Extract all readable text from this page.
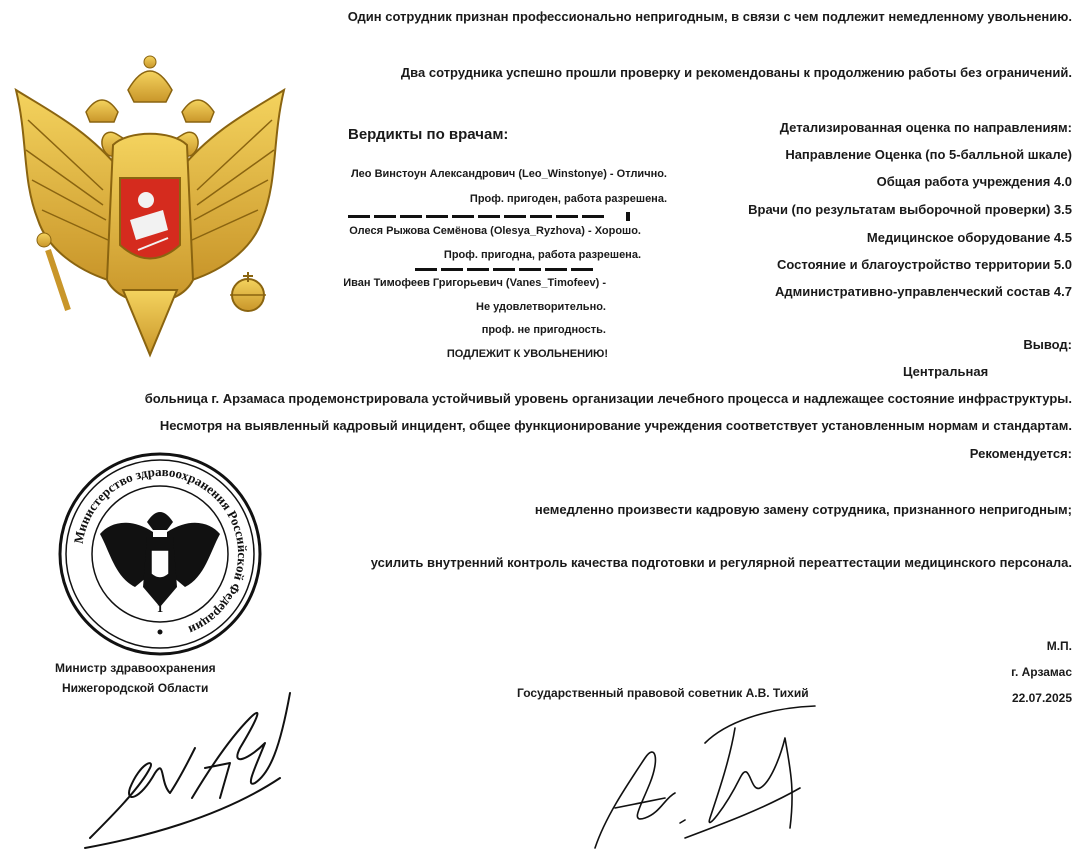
Один сотрудник признан профессионально непригодным, в связи с чем подлежит немедленному увольнению.
Два сотрудника успешно прошли проверку и рекомендованы к продолжению работы без ограничений.
Вердикты по врачам:
Лео Винстоун Александрович (Leo_Winstonye) - Отлично.
Проф. пригоден, работа разрешена.
Олеся Рыжова Семёнова (Olesya_Ryzhova) - Хорошо.
Проф. пригодна, работа разрешена.
Иван Тимофеев Григорьевич (Vanes_Timofeev) -
Не удовлетворительно.
проф. не пригодность.
ПОДЛЕЖИТ К УВОЛЬНЕНИЮ!
Детализированная оценка по направлениям:
Направление Оценка (по 5-балльной шкале)
Общая работа учреждения 4.0
Врачи (по результатам выборочной проверки) 3.5
Медицинское оборудование 4.5
Состояние и благоустройство территории 5.0
Административно-управленческий состав 4.7
Вывод:
Центральная
больница г. Арзамаса продемонстрировала устойчивый уровень организации лечебного процесса и надлежащее состояние инфраструктуры.
Несмотря на выявленный кадровый инцидент, общее функционирование учреждения соответствует установленным нормам и стандартам.
Рекомендуется:
немедленно произвести кадровую замену сотрудника, признанного непригодным;
усилить внутренний контроль качества подготовки и регулярной переаттестации медицинского персонала.
Министерство здравоохранения Российской Федерации
1
Министр здравоохранения
Нижегородской Области	Государственный правовой советник А.В. Тихий
М.П.
г. Арзамас
22.07.2025
